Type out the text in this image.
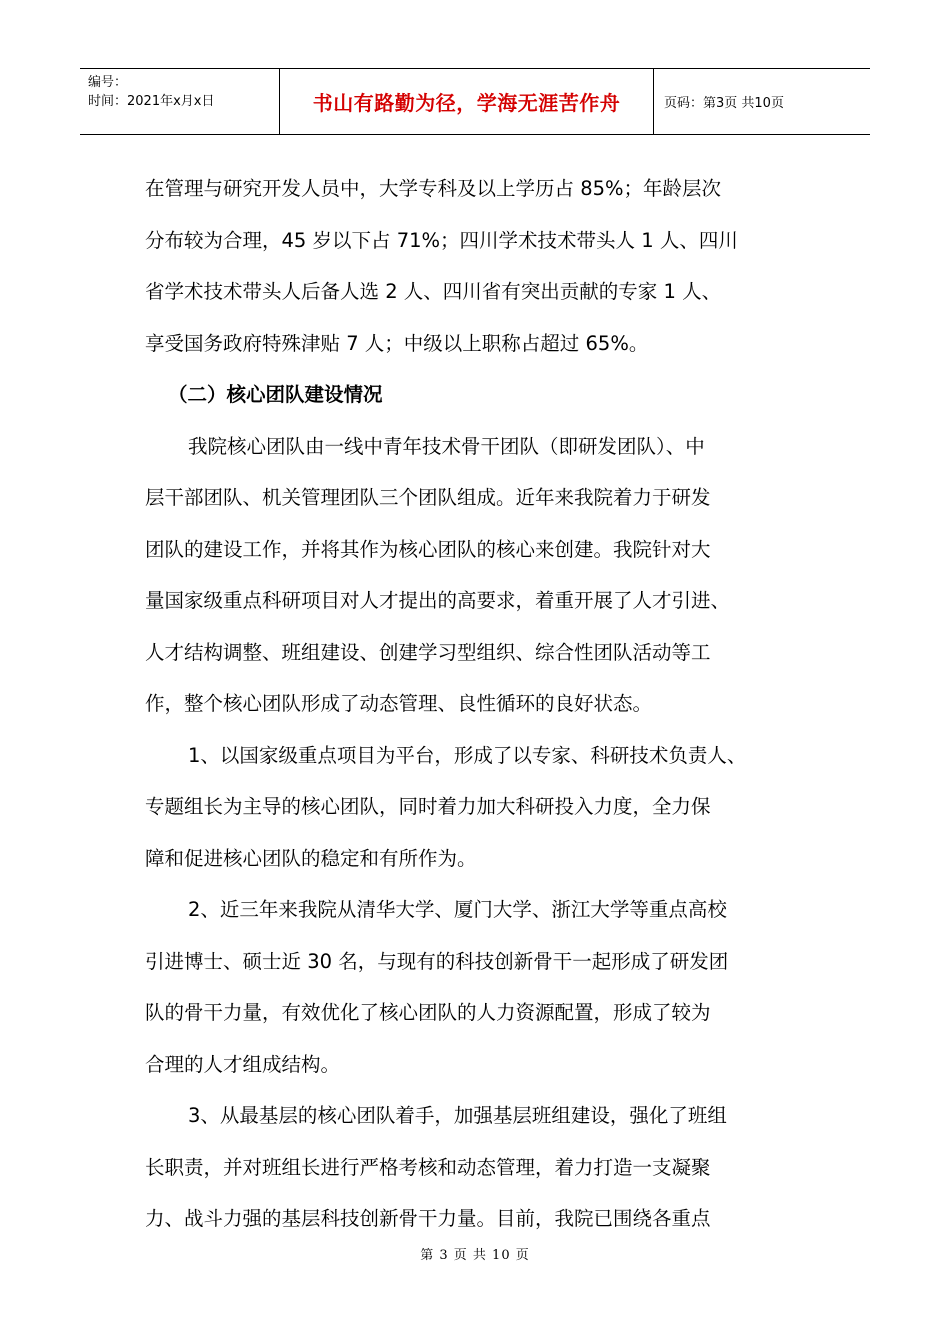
编号：
时间：2021年x月x日	书山有路勤为径，学海无涯苦作舟	页码：第3页 共10页
在管理与研究开发人员中，大学专科及以上学历占 85%；年龄层次
分布较为合理，45 岁以下占 71%；四川学术技术带头人 1 人、四川
省学术技术带头人后备人选 2 人、四川省有突出贡献的专家 1 人、
享受国务政府特殊津贴 7 人；中级以上职称占超过 65%。
（二）核心团队建设情况
我院核心团队由一线中青年技术骨干团队（即研发团队）、中
层干部团队、机关管理团队三个团队组成。近年来我院着力于研发
团队的建设工作，并将其作为核心团队的核心来创建。我院针对大
量国家级重点科研项目对人才提出的高要求，着重开展了人才引进、
人才结构调整、班组建设、创建学习型组织、综合性团队活动等工
作，整个核心团队形成了动态管理、良性循环的良好状态。
1、以国家级重点项目为平台，形成了以专家、科研技术负责人、
专题组长为主导的核心团队，同时着力加大科研投入力度，全力保
障和促进核心团队的稳定和有所作为。
2、近三年来我院从清华大学、厦门大学、浙江大学等重点高校
引进博士、硕士近 30 名，与现有的科技创新骨干一起形成了研发团
队的骨干力量，有效优化了核心团队的人力资源配置，形成了较为
合理的人才组成结构。
3、从最基层的核心团队着手，加强基层班组建设，强化了班组
长职责，并对班组长进行严格考核和动态管理，着力打造一支凝聚
力、战斗力强的基层科技创新骨干力量。目前，我院已围绕各重点
第 3 页 共 10 页
